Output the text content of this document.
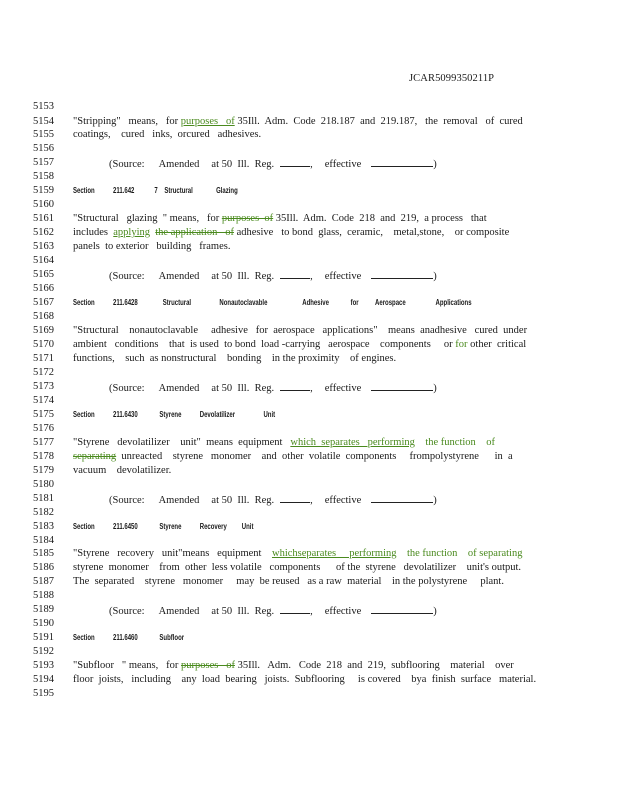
JCAR5099350211P
5153
5154
5155
5156
5157
5158
5159
5160
5161
5162
5163
5164
5165
5166
5167
5168
5169
5170
5171
5172
5173
5174
5175
5176
5177
5178
5179
5180
5181
5182
5183
5184
5185
5186
5187
5188
5189
5190
5191
5192
5193
5194
5195
"Stripping"   means,   for purposes   of 35Ill.  Adm.  Code  218.187  and  219.187,   the  removal   of  cured
coatings,    cured   inks,  orcured   adhesives.
(Source: Amended at 50  Ill.  Reg.	, effective	)
Section 211.642	7 Structural	Glazing
"Structural   glazing  " means,   for purposes  of 35Ill.  Adm.  Code  218  and  219,  a process   that
includes  applying the application   of adhesive   to bond  glass,  ceramic,    metal,stone,    or composite
panels  to exterior   building   frames.
(Source: Amended at 50  Ill.  Reg.	, effective	)
Section 211.6428	Structural	Nonautoclavable	Adhesive	for Aerospace	Applications
"Structural    nonautoclavable     adhesive   for  aerospace   applications"    means  anadhesive   cured  under
ambient   conditions    that  is used  to bond  load -carrying   aerospace    components     or for other  critical
functions,    such  as nonstructural    bonding    in the proximity    of engines.
(Source: Amended at 50  Ill.  Reg.	, effective	)
Section 211.6430	Styrene Devolatilizer	Unit
"Styrene   devolatilizer    unit"  means  equipment   which  separates   performing    the function    of
separating  unreacted    styrene   monomer    and  other  volatile  components     frompolystyrene      in  a
vacuum    devolatilizer.
(Source: Amended at 50  Ill.  Reg.	, effective	)
Section 211.6450	Styrene Recovery Unit
"Styrene   recovery   unit"means   equipment    whichseparates     performing    the function    of separating
styrene  monomer    from  other  less volatile   components      of the  styrene   devolatilizer    unit's output.
The  separated    styrene   monomer     may  be reused   as a raw  material    in the polystyrene     plant.
(Source: Amended at 50  Ill.  Reg.	, effective	)
Section 211.6460	Subfloor
"Subfloor   " means,   for purposes   of 35Ill.   Adm.   Code  218  and  219,  subflooring    material    over
floor  joists,   including    any  load  bearing   joists.  Subflooring     is covered    bya  finish  surface   material.
